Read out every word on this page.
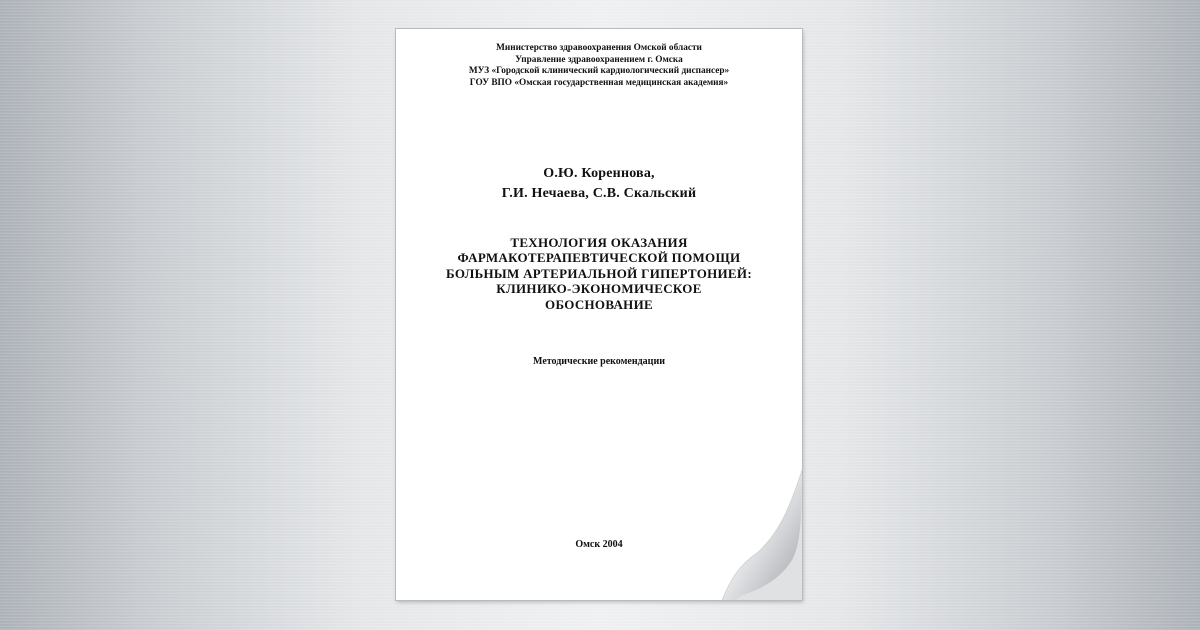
Министерство здравоохранения Омской области
Управление здравоохранением г. Омска
МУЗ «Городской клинический кардиологический диспансер»
ГОУ ВПО «Омская государственная медицинская академия»
О.Ю. Кореннова,
Г.И. Нечаева, С.В. Скальский
ТЕХНОЛОГИЯ ОКАЗАНИЯ
ФАРМАКОТЕРАПЕВТИЧЕСКОЙ ПОМОЩИ
БОЛЬНЫМ АРТЕРИАЛЬНОЙ ГИПЕРТОНИЕЙ:
КЛИНИКО-ЭКОНОМИЧЕСКОЕ
ОБОСНОВАНИЕ
Методические рекомендации
Омск 2004
